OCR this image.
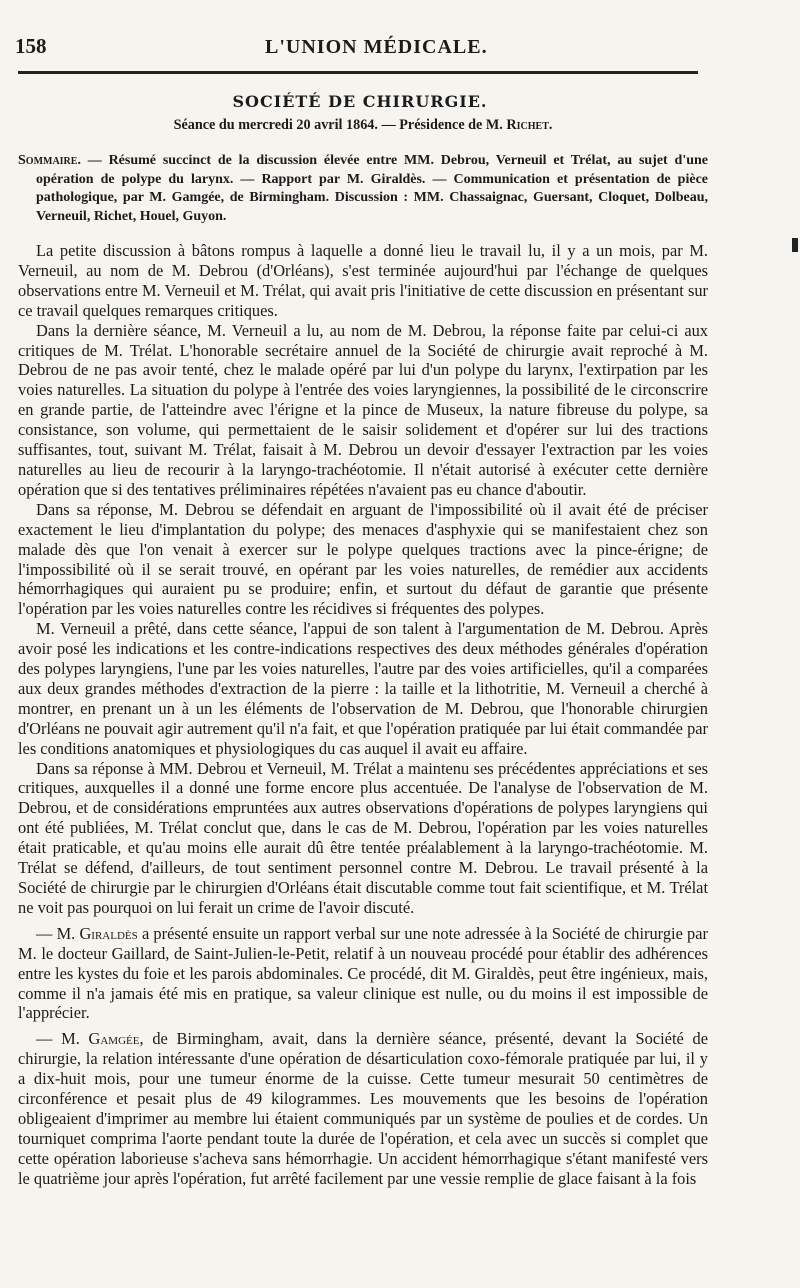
158	L'UNION MÉDICALE.
SOCIÉTÉ DE CHIRURGIE.
Séance du mercredi 20 avril 1864. — Présidence de M. Richet.
Sommaire. — Résumé succinct de la discussion élevée entre MM. Debrou, Verneuil et Trélat, au sujet d'une opération de polype du larynx. — Rapport par M. Giraldès. — Communication et présentation de pièce pathologique, par M. Gamgée, de Birmingham. Discussion : MM. Chassaignac, Guersant, Cloquet, Dolbeau, Verneuil, Richet, Houel, Guyon.

La petite discussion à bâtons rompus à laquelle a donné lieu le travail lu, il y a un mois, par M. Verneuil, au nom de M. Debrou (d'Orléans), s'est terminée aujourd'hui par l'échange de quelques observations entre M. Verneuil et M. Trélat, qui avait pris l'initiative de cette discussion en présentant sur ce travail quelques remarques critiques.

Dans la dernière séance, M. Verneuil a lu, au nom de M. Debrou, la réponse faite par celui-ci aux critiques de M. Trélat. L'honorable secrétaire annuel de la Société de chirurgie avait reproché à M. Debrou de ne pas avoir tenté, chez le malade opéré par lui d'un polype du larynx, l'extirpation par les voies naturelles. La situation du polype à l'entrée des voies laryngiennes, la possibilité de le circonscrire en grande partie, de l'atteindre avec l'érigne et la pince de Museux, la nature fibreuse du polype, sa consistance, son volume, qui permettaient de le saisir solidement et d'opérer sur lui des tractions suffisantes, tout, suivant M. Trélat, faisait à M. Debrou un devoir d'essayer l'extraction par les voies naturelles au lieu de recourir à la laryngo-trachéotomie. Il n'était autorisé à exécuter cette dernière opération que si des tentatives préliminaires répétées n'avaient pas eu chance d'aboutir.

Dans sa réponse, M. Debrou se défendait en arguant de l'impossibilité où il avait été de préciser exactement le lieu d'implantation du polype; des menaces d'asphyxie qui se manifestaient chez son malade dès que l'on venait à exercer sur le polype quelques tractions avec la pince-érigne; de l'impossibilité où il se serait trouvé, en opérant par les voies naturelles, de remédier aux accidents hémorrhagiques qui auraient pu se produire; enfin, et surtout du défaut de garantie que présente l'opération par les voies naturelles contre les récidives si fréquentes des polypes.

M. Verneuil a prêté, dans cette séance, l'appui de son talent à l'argumentation de M. Debrou. Après avoir posé les indications et les contre-indications respectives des deux méthodes générales d'opération des polypes laryngiens, l'une par les voies naturelles, l'autre par des voies artificielles, qu'il a comparées aux deux grandes méthodes d'extraction de la pierre : la taille et la lithotritie, M. Verneuil a cherché à montrer, en prenant un à un les éléments de l'observation de M. Debrou, que l'honorable chirurgien d'Orléans ne pouvait agir autrement qu'il n'a fait, et que l'opération pratiquée par lui était commandée par les conditions anatomiques et physiologiques du cas auquel il avait eu affaire.

Dans sa réponse à MM. Debrou et Verneuil, M. Trélat a maintenu ses précédentes appréciations et ses critiques, auxquelles il a donné une forme encore plus accentuée. De l'analyse de l'observation de M. Debrou, et de considérations empruntées aux autres observations d'opérations de polypes laryngiens qui ont été publiées, M. Trélat conclut que, dans le cas de M. Debrou, l'opération par les voies naturelles était praticable, et qu'au moins elle aurait dû être tentée préalablement à la laryngo-trachéotomie. M. Trélat se défend, d'ailleurs, de tout sentiment personnel contre M. Debrou. Le travail présenté à la Société de chirurgie par le chirurgien d'Orléans était discutable comme tout fait scientifique, et M. Trélat ne voit pas pourquoi on lui ferait un crime de l'avoir discuté.

— M. Giraldès a présenté ensuite un rapport verbal sur une note adressée à la Société de chirurgie par M. le docteur Gaillard, de Saint-Julien-le-Petit, relatif à un nouveau procédé pour établir des adhérences entre les kystes du foie et les parois abdominales. Ce procédé, dit M. Giraldès, peut être ingénieux, mais, comme il n'a jamais été mis en pratique, sa valeur clinique est nulle, ou du moins il est impossible de l'apprécier.

— M. Gamgée, de Birmingham, avait, dans la dernière séance, présenté, devant la Société de chirurgie, la relation intéressante d'une opération de désarticulation coxo-fémorale pratiquée par lui, il y a dix-huit mois, pour une tumeur énorme de la cuisse. Cette tumeur mesurait 50 centimètres de circonférence et pesait plus de 49 kilogrammes. Les mouvements que les besoins de l'opération obligeaient d'imprimer au membre lui étaient communiqués par un système de poulies et de cordes. Un tourniquet comprima l'aorte pendant toute la durée de l'opération, et cela avec un succès si complet que cette opération laborieuse s'acheva sans hémorrhagie. Un accident hémorrhagique s'étant manifesté vers le quatrième jour après l'opération, fut arrêté facilement par une vessie remplie de glace faisant à la fois
